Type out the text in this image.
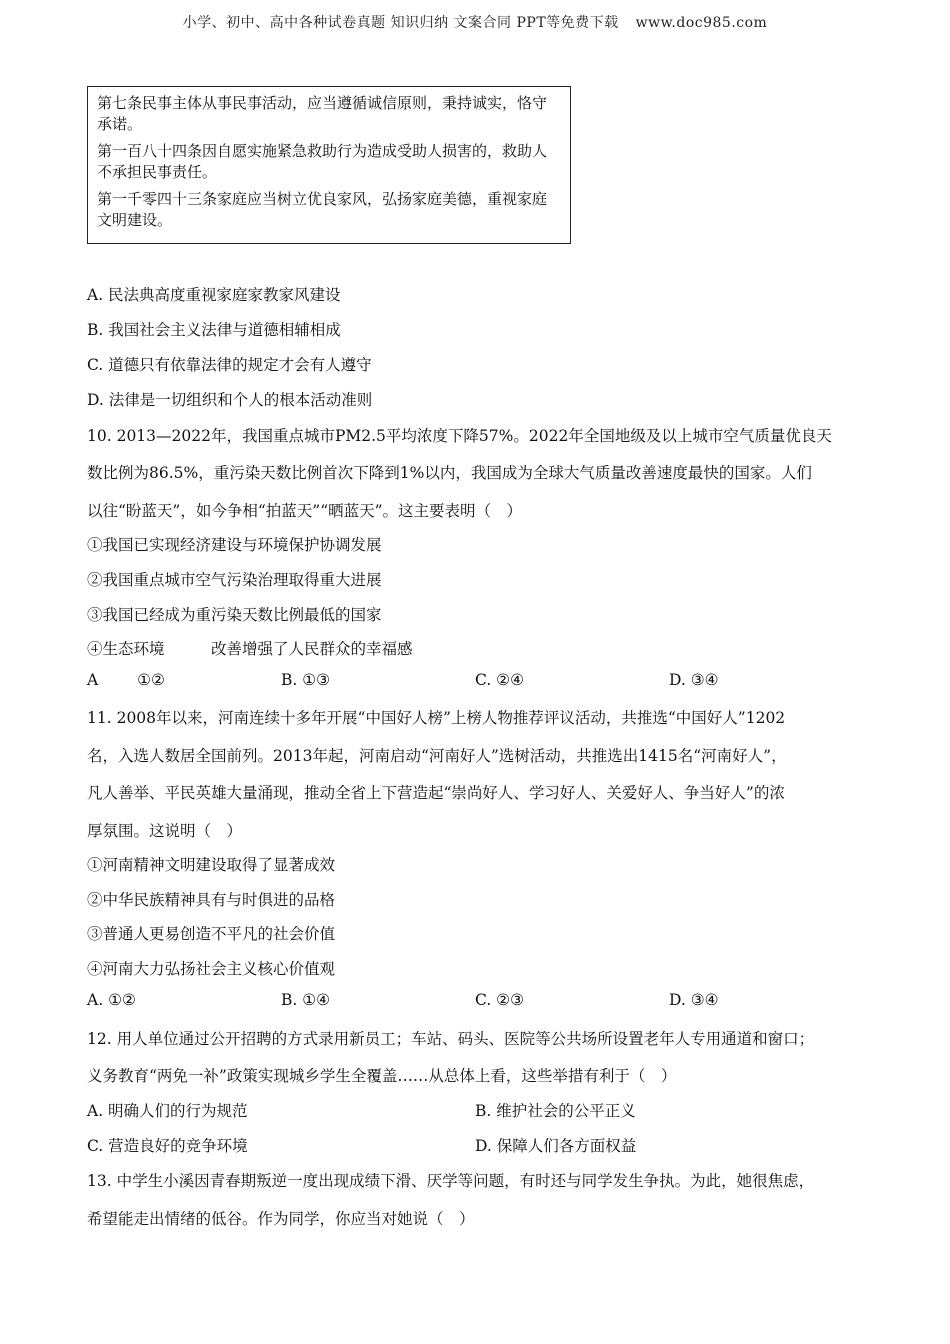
小学、初中、高中各种试卷真题 知识归纳 文案合同 PPT等免费下载 www.doc985.com

第七条民事主体从事民事活动，应当遵循诚信原则，秉持诚实，恪守承诺。

第一百八十四条因自愿实施紧急救助行为造成受助人损害的，救助人不承担民事责任。

第一千零四十三条家庭应当树立优良家风，弘扬家庭美德，重视家庭文明建设。

A. 民法典高度重视家庭家教家风建设
B. 我国社会主义法律与道德相辅相成
C. 道德只有依靠法律的规定才会有人遵守
D. 法律是一切组织和个人的根本活动准则
10. 2013—2022年，我国重点城市PM2.5平均浓度下降57%。2022年全国地级及以上城市空气质量优良天
数比例为86.5%，重污染天数比例首次下降到1%以内，我国成为全球大气质量改善速度最快的国家。人们
以往“盼蓝天”，如今争相“拍蓝天”“晒蓝天”。这主要表明（　）
①我国已实现经济建设与环境保护协调发展
②我国重点城市空气污染治理取得重大进展
③我国已经成为重污染天数比例最低的国家
④生态环境　　　改善增强了人民群众的幸福感
A	①②	B. ①③	C. ②④	D. ③④
11. 2008年以来，河南连续十多年开展“中国好人榜”上榜人物推荐评议活动，共推选“中国好人”1202
名，入选人数居全国前列。2013年起，河南启动“河南好人”选树活动，共推选出1415名“河南好人”，
凡人善举、平民英雄大量涌现，推动全省上下营造起“崇尚好人、学习好人、关爱好人、争当好人”的浓
厚氛围。这说明（　）
①河南精神文明建设取得了显著成效
②中华民族精神具有与时俱进的品格
③普通人更易创造不平凡的社会价值
④河南大力弘扬社会主义核心价值观
A. ①②	B. ①④	C. ②③	D. ③④
12. 用人单位通过公开招聘的方式录用新员工；车站、码头、医院等公共场所设置老年人专用通道和窗口；
义务教育“两免一补”政策实现城乡学生全覆盖……从总体上看，这些举措有利于（　）
A. 明确人们的行为规范	B. 维护社会的公平正义
C. 营造良好的竞争环境	D. 保障人们各方面权益
13. 中学生小溪因青春期叛逆一度出现成绩下滑、厌学等问题，有时还与同学发生争执。为此，她很焦虑，
希望能走出情绪的低谷。作为同学，你应当对她说（　）
